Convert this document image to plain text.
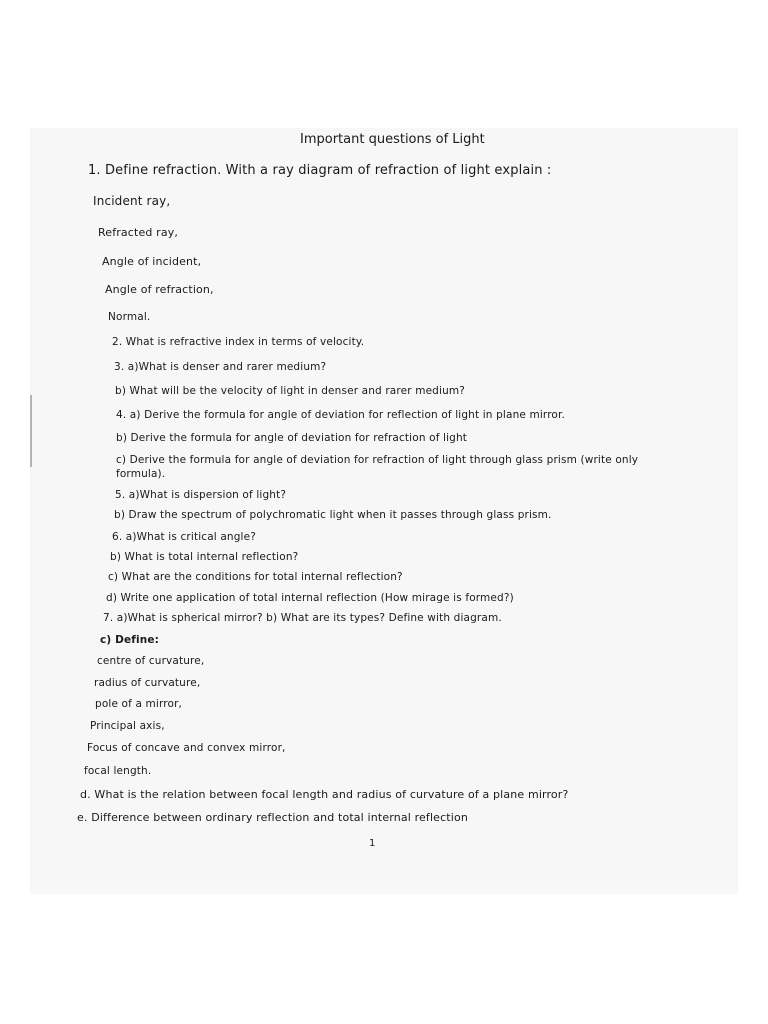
Important questions of Light
1. Define refraction. With a ray diagram of refraction of light explain :
Incident ray,
Refracted ray,
Angle of incident,
Angle of refraction,
Normal.
2. What is refractive index in terms of velocity.
3. a)What is denser and rarer medium?
b) What will be the velocity of light in denser and rarer medium?
4. a) Derive the formula for angle of deviation for reflection of light in plane mirror.
b) Derive the formula for angle of deviation for refraction of light
c) Derive the formula for angle of deviation for refraction of light through glass prism (write only formula).
5. a)What is dispersion of light?
b) Draw the spectrum of polychromatic light when it passes through glass prism.
6. a)What is critical angle?
b) What is total internal reflection?
c) What are the conditions for total internal reflection?
d) Write one application of total internal reflection (How mirage is formed?)
7. a)What is spherical mirror? b) What are its types? Define with diagram.
c) Define:
centre of curvature,
radius of curvature,
pole of a mirror,
Principal axis,
Focus of concave and convex mirror,
focal length.
d. What is the relation between focal length and radius of curvature of a plane mirror?
e. Difference between ordinary reflection and total internal reflection
1
